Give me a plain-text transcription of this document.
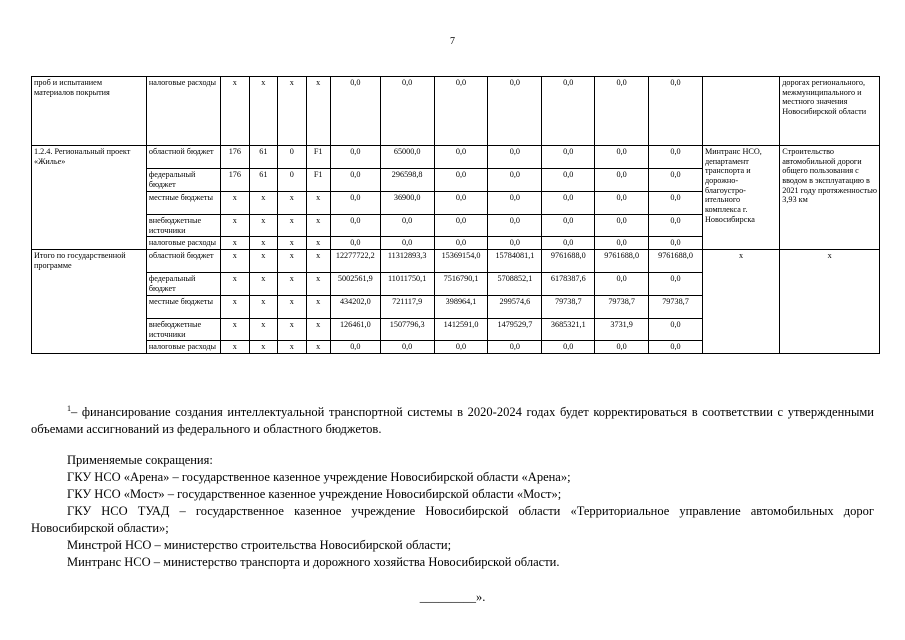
7
проб и испытанием материалов покрытия	налоговые расходы	x	x	x	x	0,0	0,0	0,0	0,0	0,0	0,0	0,0		дорогах регионального, межмуниципального и местного значения Новосибирской области
1.2.4. Региональный проект «Жилье»	областной бюджет	176	61	0	F1	0,0	65000,0	0,0	0,0	0,0	0,0	0,0	Минтранс НСО, департамент транспорта и дорожно-благоустро-ительного комплекса г. Новосибирска	Строительство автомобильной дороги общего пользования с вводом в эксплуатацию в 2021 году протяженностью 3,93 км
	федеральный бюджет	176	61	0	F1	0,0	296598,8	0,0	0,0	0,0	0,0	0,0		
	местные бюджеты	x	x	x	x	0,0	36900,0	0,0	0,0	0,0	0,0	0,0		
	внебюджетные источники	x	x	x	x	0,0	0,0	0,0	0,0	0,0	0,0	0,0		
	налоговые расходы	x	x	x	x	0,0	0,0	0,0	0,0	0,0	0,0	0,0		
Итого по государственной программе	областной бюджет	x	x	x	x	12277722,2	11312893,3	15369154,0	15784081,1	9761688,0	9761688,0	9761688,0	x	x
	федеральный бюджет	x	x	x	x	5002561,9	11011750,1	7516790,1	5708852,1	6178387,6	0,0	0,0		
	местные бюджеты	x	x	x	x	434202,0	721117,9	398964,1	299574,6	79738,7	79738,7	79738,7		
	внебюджетные источники	x	x	x	x	126461,0	1507796,3	1412591,0	1479529,7	3685321,1	3731,9	0,0		
	налоговые расходы	x	x	x	x	0,0	0,0	0,0	0,0	0,0	0,0	0,0		
$^1$– финансирование создания интеллектуальной транспортной системы в 2020-2024 годах будет корректироваться в соответствии с утвержденными объемами ассигнований из федерального и областного бюджетов.

Применяемые сокращения:

ГКУ НСО «Арена» – государственное казенное учреждение Новосибирской области «Арена»;

ГКУ НСО «Мост» – государственное казенное учреждение Новосибирской области «Мост»;

ГКУ НСО ТУАД – государственное казенное учреждение Новосибирской области «Территориальное управление автомобильных дорог Новосибирской области»;

Минстрой НСО – министерство строительства Новосибирской области;

Минтранс НСО – министерство транспорта и дорожного хозяйства Новосибирской области.

_________».
